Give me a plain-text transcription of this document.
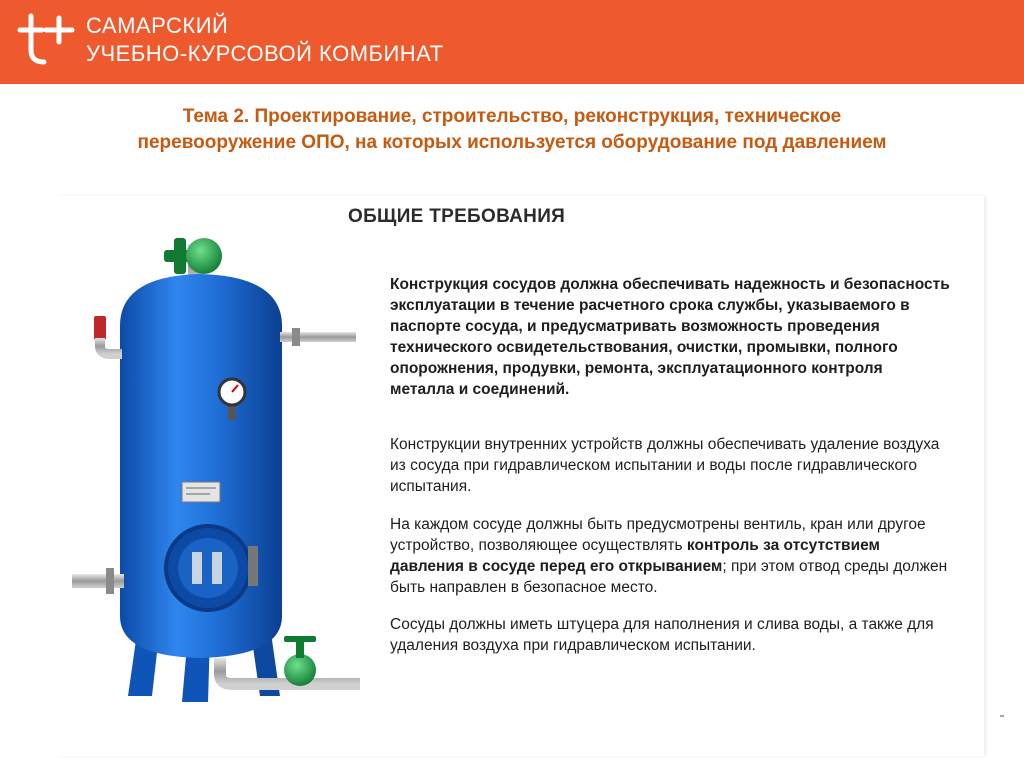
САМАРСКИЙ
УЧЕБНО-КУРСОВОЙ КОМБИНАТ
Тема 2. Проектирование, строительство, реконструкция, техническое
перевооружение ОПО, на которых используется оборудование под давлением
ОБЩИЕ ТРЕБОВАНИЯ
Конструкция сосудов должна обеспечивать надежность и безопасность эксплуатации в течение расчетного срока службы, указываемого в паспорте сосуда, и предусматривать возможность проведения технического освидетельствования, очистки, промывки, полного опорожнения, продувки, ремонта, эксплуатационного контроля металла и соединений.
Конструкции внутренних устройств должны обеспечивать удаление воздуха из сосуда при гидравлическом испытании и воды после гидравлического испытания.
На каждом сосуде должны быть предусмотрены вентиль, кран или другое устройство, позволяющее осуществлять контроль за отсутствием давления в сосуде перед его открыванием; при этом отвод среды должен быть направлен в безопасное место.
Сосуды должны иметь штуцера для наполнения и слива воды, а также для удаления воздуха при гидравлическом испытании.
